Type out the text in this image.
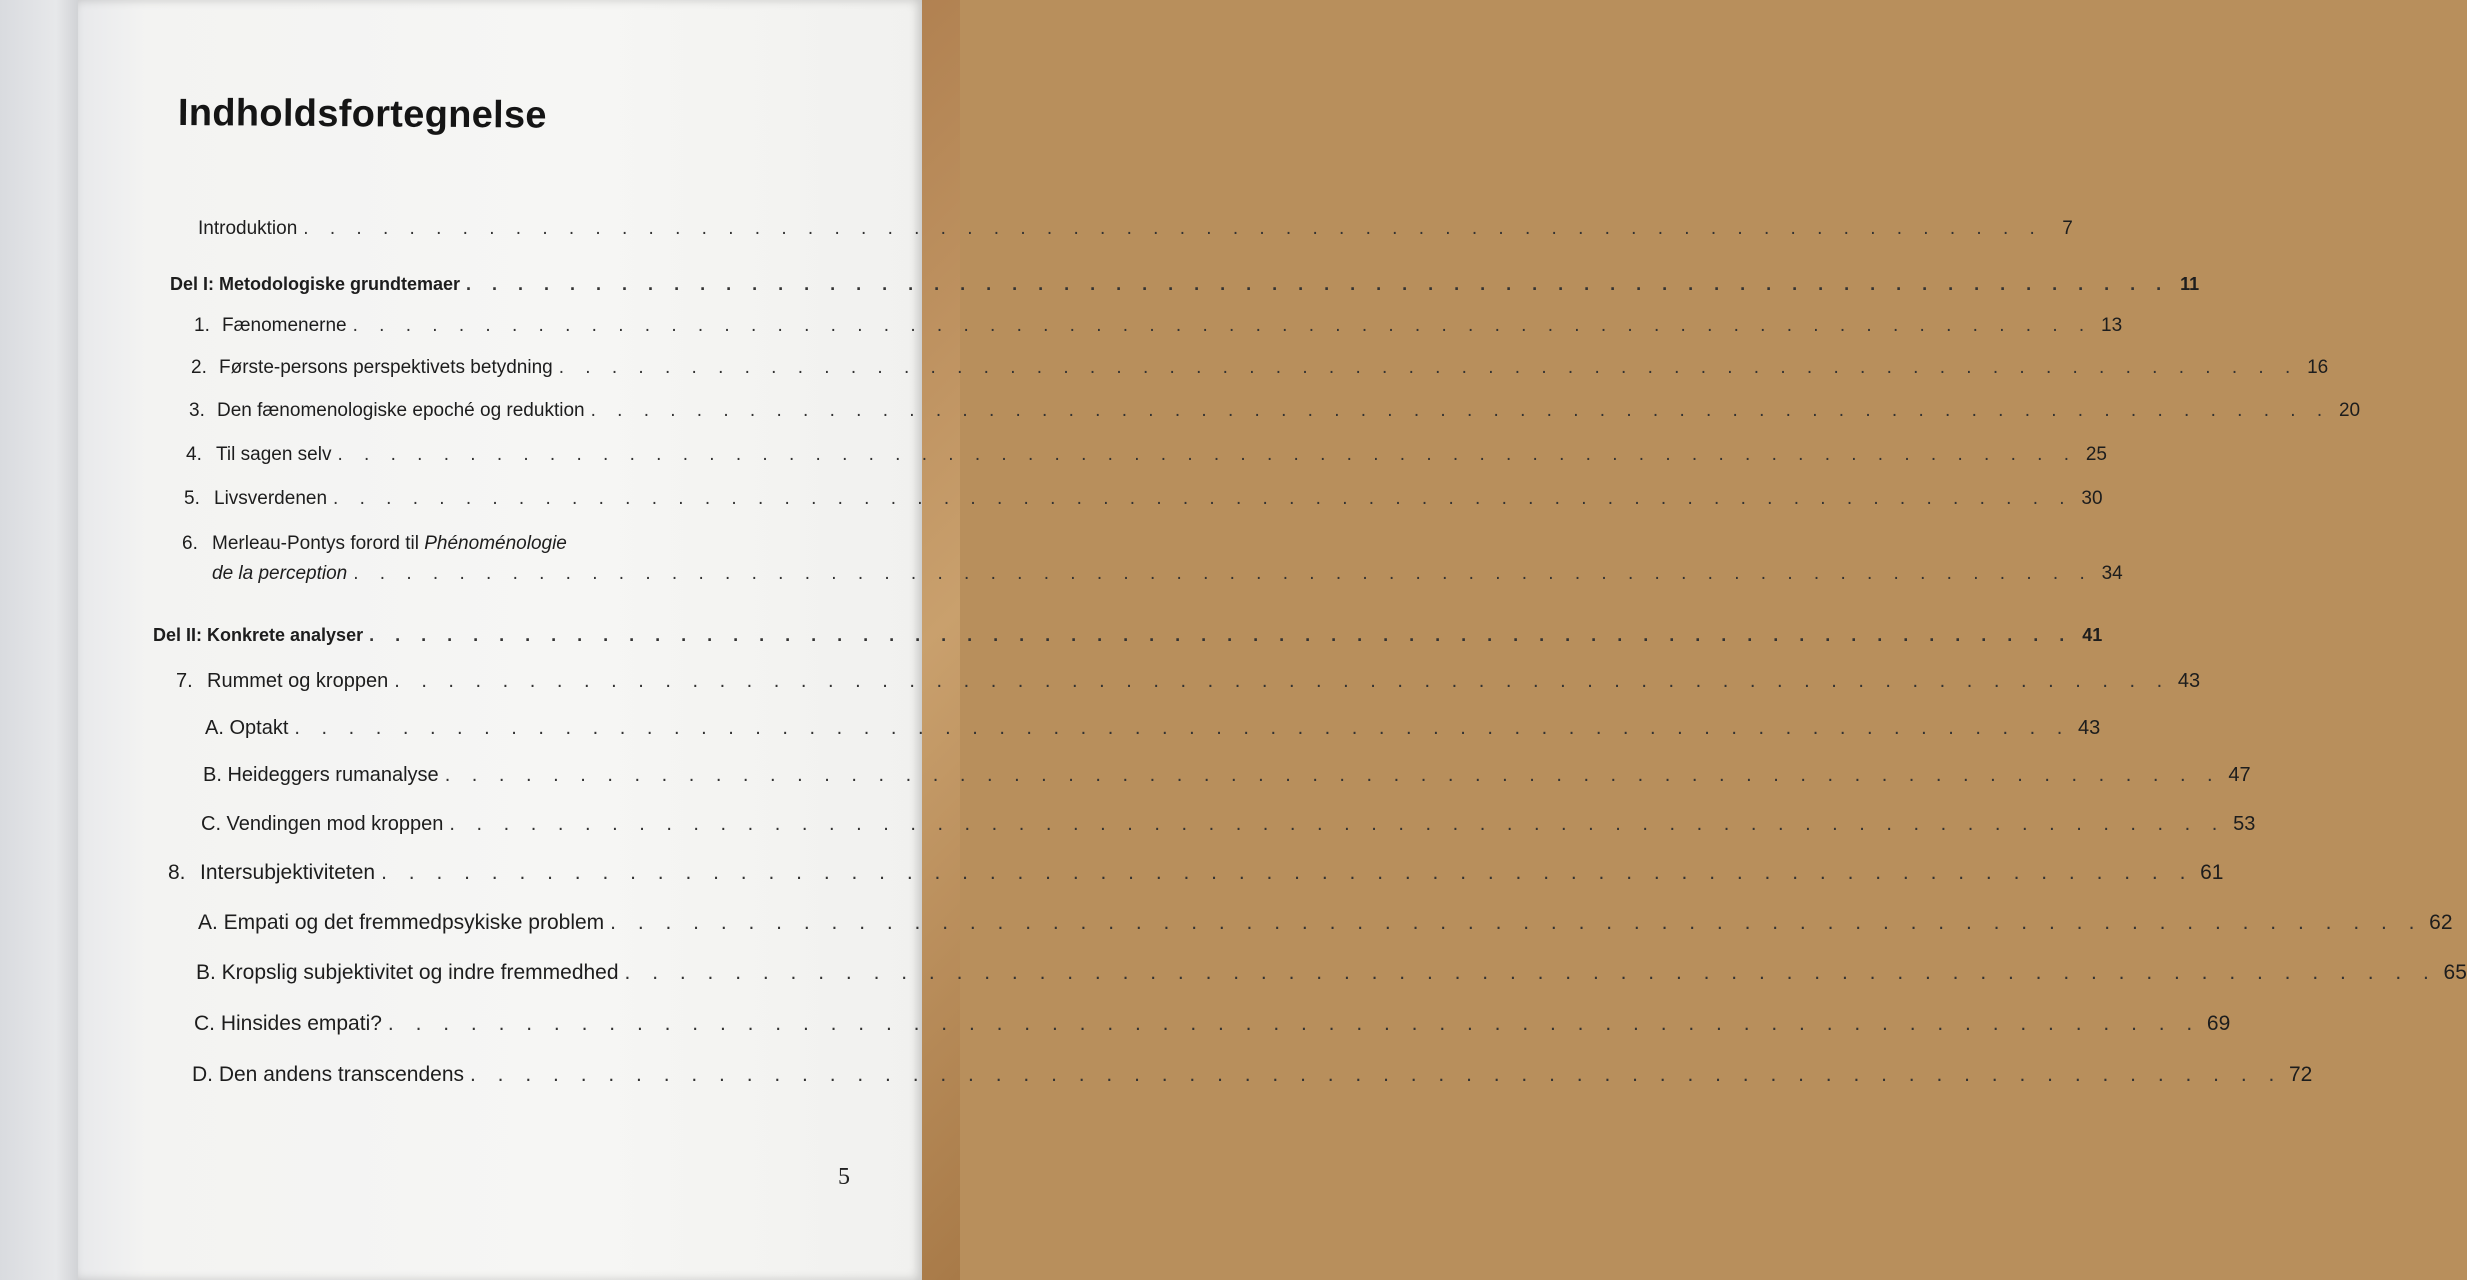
Indholdsfortegnelse
Introduktion . . . . . . . . . . . . . . . . . . . . . . . . . . . . . . . . . . . . . . . . . . . . . . . . . . . . . . . . . . . . . . . . . .	7
Del I: Metodologiske grundtemaer . . . . . . . . . . . . . . . . . . . . . . . . . . . . . . . . . . . . . . . . . . . . . . . . . . . . . . . . . . . . . . . . . . 11
1. Fænomenerne . . . . . . . . . . . . . . . . . . . . . . . . . . . . . . . . . . . . . . . . . . . . . . . . . . . . . . . . . . . . . . . . . . 13
2. Første-persons perspektivets betydning . . . . . . . . . . . . . . . . . . . . . . . . . . . . . . . . . . . . . . . . . . . . . . . . . . . . . . . . . . . . . . . . . . 16
3. Den fænomenologiske epoché og reduktion . . . . . . . . . . . . . . . . . . . . . . . . . . . . . . . . . . . . . . . . . . . . . . . . . . . . . . . . . . . . . . . . . . 20
4. Til sagen selv . . . . . . . . . . . . . . . . . . . . . . . . . . . . . . . . . . . . . . . . . . . . . . . . . . . . . . . . . . . . . . . . . . 25
5. Livsverdenen . . . . . . . . . . . . . . . . . . . . . . . . . . . . . . . . . . . . . . . . . . . . . . . . . . . . . . . . . . . . . . . . . . 30
6. Merleau-Pontys forord til Phénoménologie
de la perception . . . . . . . . . . . . . . . . . . . . . . . . . . . . . . . . . . . . . . . . . . . . . . . . . . . . . . . . . . . . . . . . . . 34
Del II: Konkrete analyser . . . . . . . . . . . . . . . . . . . . . . . . . . . . . . . . . . . . . . . . . . . . . . . . . . . . . . . . . . . . . . . . . . 41
7. Rummet og kroppen . . . . . . . . . . . . . . . . . . . . . . . . . . . . . . . . . . . . . . . . . . . . . . . . . . . . . . . . . . . . . . . . . . 43
A. Optakt . . . . . . . . . . . . . . . . . . . . . . . . . . . . . . . . . . . . . . . . . . . . . . . . . . . . . . . . . . . . . . . . . . 43
B. Heideggers rumanalyse . . . . . . . . . . . . . . . . . . . . . . . . . . . . . . . . . . . . . . . . . . . . . . . . . . . . . . . . . . . . . . . . . . 47
C. Vendingen mod kroppen . . . . . . . . . . . . . . . . . . . . . . . . . . . . . . . . . . . . . . . . . . . . . . . . . . . . . . . . . . . . . . . . . . 53
8. Intersubjektiviteten . . . . . . . . . . . . . . . . . . . . . . . . . . . . . . . . . . . . . . . . . . . . . . . . . . . . . . . . . . . . . . . . . . 61
A. Empati og det fremmedpsykiske problem . . . . . . . . . . . . . . . . . . . . . . . . . . . . . . . . . . . . . . . . . . . . . . . . . . . . . . . . . . . . . . . . . . 62
B. Kropslig subjektivitet og indre fremmedhed . . . . . . . . . . . . . . . . . . . . . . . . . . . . . . . . . . . . . . . . . . . . . . . . . . . . . . . . . . . . . . . . . . 65
C. Hinsides empati? . . . . . . . . . . . . . . . . . . . . . . . . . . . . . . . . . . . . . . . . . . . . . . . . . . . . . . . . . . . . . . . . . . 69
D. Den andens transcendens . . . . . . . . . . . . . . . . . . . . . . . . . . . . . . . . . . . . . . . . . . . . . . . . . . . . . . . . . . . . . . . . . . 72
5
